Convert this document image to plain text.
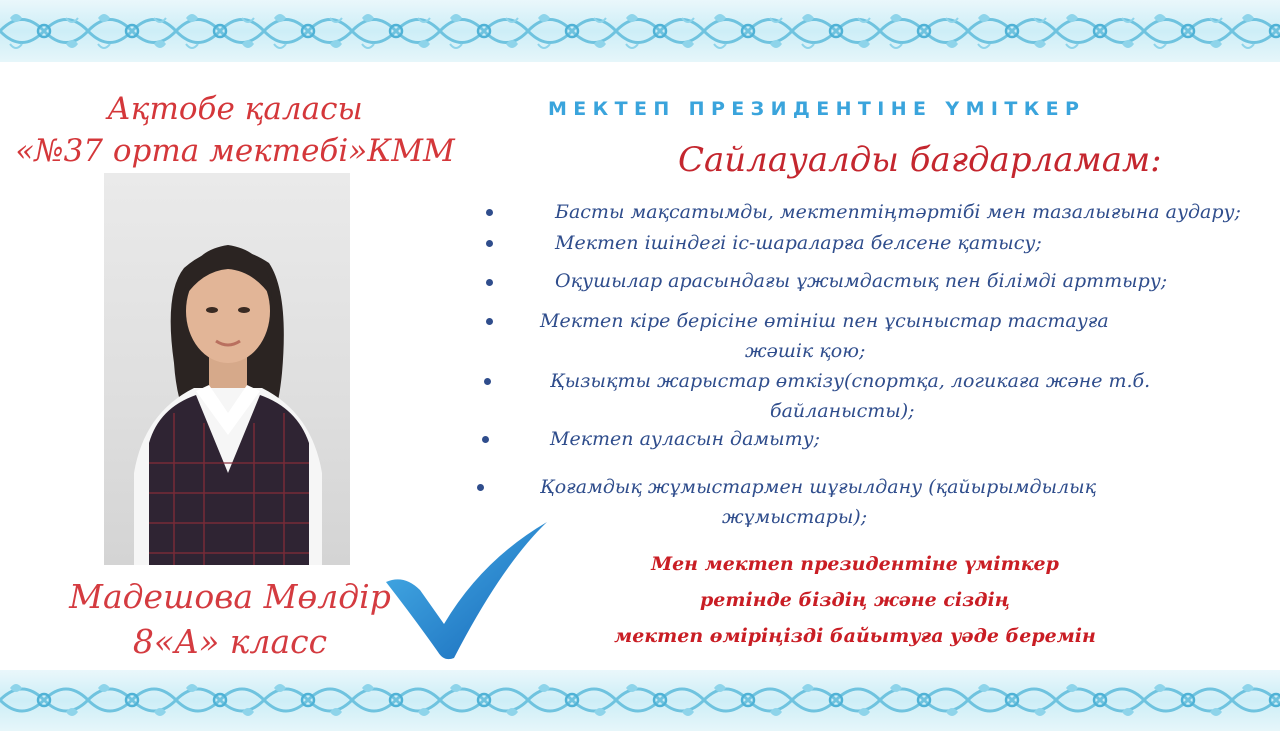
Ақтобе қаласы
«№37 орта мектебі»КММ
Мадешова Мөлдір
8«А» класс
МЕКТЕП ПРЕЗИДЕНТІНЕ ҮМІТКЕР
Сайлауалды бағдарламам:
Басты мақсатымды, мектептіңтәртібі мен тазалығына аудару;
Мектеп ішіндегі іс-шараларға белсене қатысу;
Оқушылар арасындағы ұжымдастық пен білімді арттыру;
Мектеп кіре берісіне өтініш пен ұсыныстар тастауға
жәшік қою;
Қызықты жарыстар өткізу(спортқа, логикаға және т.б.
байланысты);
Мектеп ауласын дамыту;
Қоғамдық жұмыстармен шұғылдану (қайырымдылық
жұмыстары);
Мен мектеп президентіне үміткер
ретінде біздің және сіздің
мектеп өміріңізді байытуға уәде беремін
